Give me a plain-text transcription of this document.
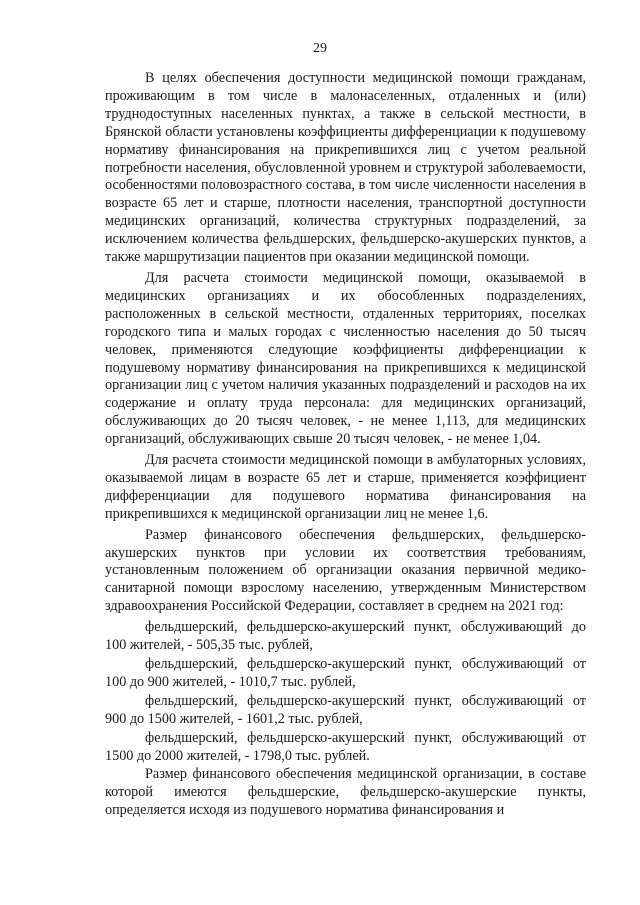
29

В целях обеспечения доступности медицинской помощи гражданам, проживающим в том числе в малонаселенных, отдаленных и (или) труднодоступных населенных пунктах, а также в сельской местности, в Брянской области установлены коэффициенты дифференциации к подушевому нормативу финансирования на прикрепившихся лиц с учетом реальной потребности населения, обусловленной уровнем и структурой заболеваемости, особенностями половозрастного состава, в том числе численности населения в возрасте 65 лет и старше, плотности населения, транспортной доступности медицинских организаций, количества структурных подразделений, за исключением количества фельдшерских, фельдшерско-акушерских пунктов, а также маршрутизации пациентов при оказании медицинской помощи.

Для расчета стоимости медицинской помощи, оказываемой в медицинских организациях и их обособленных подразделениях, расположенных в сельской местности, отдаленных территориях, поселках городского типа и малых городах с численностью населения до 50 тысяч человек, применяются следующие коэффициенты дифференциации к подушевому нормативу финансирования на прикрепившихся к медицинской организации лиц с учетом наличия указанных подразделений и расходов на их содержание и оплату труда персонала: для медицинских организаций, обслуживающих до 20 тысяч человек, - не менее 1,113, для медицинских организаций, обслуживающих свыше 20 тысяч человек, - не менее 1,04.

Для расчета стоимости медицинской помощи в амбулаторных условиях, оказываемой лицам в возрасте 65 лет и старше, применяется коэффициент дифференциации для подушевого норматива финансирования на прикрепившихся к медицинской организации лиц не менее 1,6.

Размер финансового обеспечения фельдшерских, фельдшерско-акушерских пунктов при условии их соответствия требованиям, установленным положением об организации оказания первичной медико-санитарной помощи взрослому населению, утвержденным Министерством здравоохранения Российской Федерации, составляет в среднем на 2021 год:

фельдшерский, фельдшерско-акушерский пункт, обслуживающий до 100 жителей, - 505,35 тыс. рублей,

фельдшерский, фельдшерско-акушерский пункт, обслуживающий от 100 до 900 жителей, - 1010,7 тыс. рублей,

фельдшерский, фельдшерско-акушерский пункт, обслуживающий от 900 до 1500 жителей, - 1601,2 тыс. рублей,

фельдшерский, фельдшерско-акушерский пункт, обслуживающий от 1500 до 2000 жителей, - 1798,0 тыс. рублей.

Размер финансового обеспечения медицинской организации, в составе которой имеются фельдшерские, фельдшерско-акушерские пункты, определяется исходя из подушевого норматива финансирования и
